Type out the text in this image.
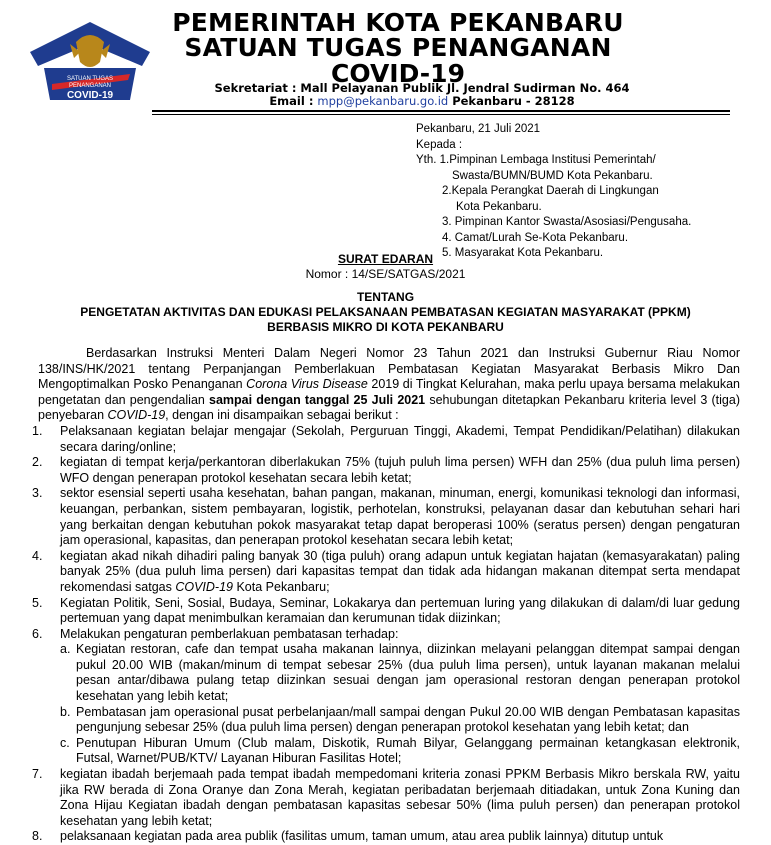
SATUAN TUGAS
PENANGANAN
COVID-19
PEMERINTAH KOTA PEKANBARU
SATUAN TUGAS PENANGANAN
COVID-19
Sekretariat : Mall Pelayanan Publik Jl. Jendral Sudirman No. 464
Email : mpp@pekanbaru.go.id Pekanbaru - 28128
Pekanbaru, 21 Juli 2021
Kepada :
Yth. 1.Pimpinan Lembaga Institusi Pemerintah/
Swasta/BUMN/BUMD Kota Pekanbaru.
2.Kepala Perangkat Daerah di Lingkungan
Kota Pekanbaru.
3. Pimpinan Kantor Swasta/Asosiasi/Pengusaha.
4. Camat/Lurah Se-Kota Pekanbaru.
5. Masyarakat Kota Pekanbaru.
SURAT EDARAN
Nomor : 14/SE/SATGAS/2021
TENTANG
PENGETATAN AKTIVITAS DAN EDUKASI PELAKSANAAN PEMBATASAN KEGIATAN MASYARAKAT (PPKM)
BERBASIS MIKRO DI KOTA PEKANBARU

Berdasarkan Instruksi Menteri Dalam Negeri Nomor 23 Tahun 2021 dan Instruksi Gubernur Riau Nomor 138/INS/HK/2021 tentang Perpanjangan Pemberlakuan Pembatasan Kegiatan Masyarakat Berbasis Mikro Dan Mengoptimalkan Posko Penanganan Corona Virus Disease 2019 di Tingkat Kelurahan, maka perlu upaya bersama melakukan pengetatan dan pengendalian sampai dengan tanggal 25 Juli 2021 sehubungan ditetapkan Pekanbaru kriteria level 3 (tiga) penyebaran COVID-19, dengan ini disampaikan sebagai berikut :

1. Pelaksanaan kegiatan belajar mengajar (Sekolah, Perguruan Tinggi, Akademi, Tempat Pendidikan/Pelatihan) dilakukan secara daring/online;
2. kegiatan di tempat kerja/perkantoran diberlakukan 75% (tujuh puluh lima persen) WFH dan 25% (dua puluh lima persen) WFO dengan penerapan protokol kesehatan secara lebih ketat;
3. sektor esensial seperti usaha kesehatan, bahan pangan, makanan, minuman, energi, komunikasi teknologi dan informasi, keuangan, perbankan, sistem pembayaran, logistik, perhotelan, konstruksi, pelayanan dasar dan kebutuhan sehari hari yang berkaitan dengan kebutuhan pokok masyarakat tetap dapat beroperasi 100% (seratus persen) dengan pengaturan jam operasional, kapasitas, dan penerapan protokol kesehatan secara lebih ketat;
4. kegiatan akad nikah dihadiri paling banyak 30 (tiga puluh) orang adapun untuk kegiatan hajatan (kemasyarakatan) paling banyak 25% (dua puluh lima persen) dari kapasitas tempat dan tidak ada hidangan makanan ditempat serta mendapat rekomendasi satgas COVID-19 Kota Pekanbaru;
5. Kegiatan Politik, Seni, Sosial, Budaya, Seminar, Lokakarya dan pertemuan luring yang dilakukan di dalam/di luar gedung pertemuan yang dapat menimbulkan keramaian dan kerumunan tidak diizinkan;
6. Melakukan pengaturan pemberlakuan pembatasan terhadap:
a. Kegiatan restoran, cafe dan tempat usaha makanan lainnya, diizinkan melayani pelanggan ditempat sampai dengan pukul 20.00 WIB (makan/minum di tempat sebesar 25% (dua puluh lima persen), untuk layanan makanan melalui pesan antar/dibawa pulang tetap diizinkan sesuai dengan jam operasional restoran dengan penerapan protokol kesehatan yang lebih ketat;
b. Pembatasan jam operasional pusat perbelanjaan/mall sampai dengan Pukul 20.00 WIB dengan Pembatasan kapasitas pengunjung sebesar 25% (dua puluh lima persen) dengan penerapan protokol kesehatan yang lebih ketat; dan
c. Penutupan Hiburan Umum (Club malam, Diskotik, Rumah Bilyar, Gelanggang permainan ketangkasan elektronik, Futsal, Warnet/PUB/KTV/ Layanan Hiburan Fasilitas Hotel;
7. kegiatan ibadah berjemaah pada tempat ibadah mempedomani kriteria zonasi PPKM Berbasis Mikro berskala RW, yaitu jika RW berada di Zona Oranye dan Zona Merah, kegiatan peribadatan berjemaah ditiadakan, untuk Zona Kuning dan Zona Hijau Kegiatan ibadah dengan pembatasan kapasitas sebesar 50% (lima puluh persen) dan penerapan protokol kesehatan yang lebih ketat;
8. pelaksanaan kegiatan pada area publik (fasilitas umum, taman umum, atau area publik lainnya) ditutup untuk
